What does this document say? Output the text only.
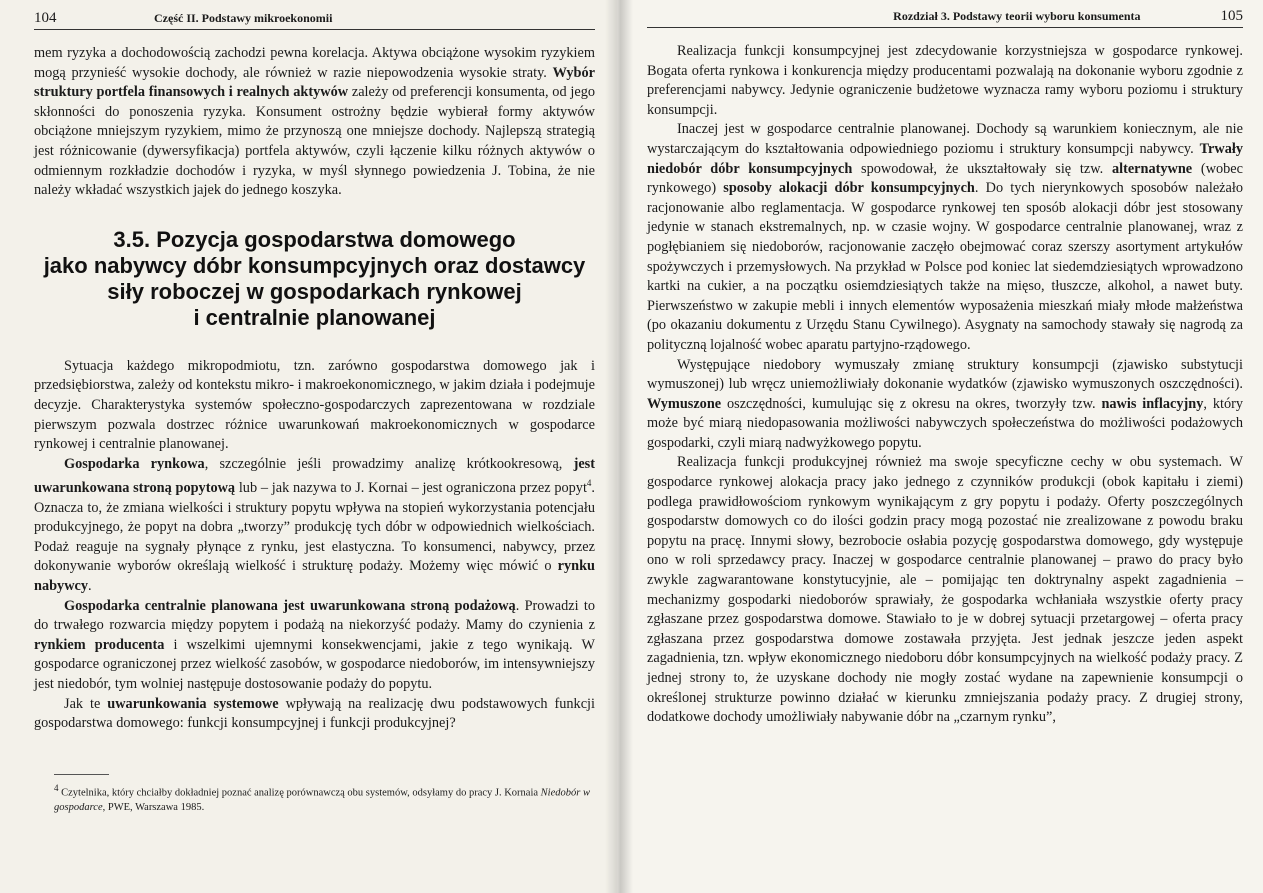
104	Część II. Podstawy mikroekonomii

mem ryzyka a dochodowością zachodzi pewna korelacja. Aktywa obciążone wysokim ryzykiem mogą przynieść wysokie dochody, ale również w razie niepowodzenia wysokie straty. Wybór struktury portfela finansowych i realnych aktywów zależy od preferencji konsumenta, od jego skłonności do ponoszenia ryzyka. Konsument ostrożny będzie wybierał formy aktywów obciążone mniejszym ryzykiem, mimo że przynoszą one mniejsze dochody. Najlepszą strategią jest różnicowanie (dywersyfikacja) portfela aktywów, czyli łączenie kilku różnych aktywów o odmiennym rozkładzie dochodów i ryzyka, w myśl słynnego powiedzenia J. Tobina, że nie należy wkładać wszystkich jajek do jednego koszyka.

3.5. Pozycja gospodarstwa domowego
jako nabywcy dóbr konsumpcyjnych oraz dostawcy
siły roboczej w gospodarkach rynkowej
i centralnie planowanej

Sytuacja każdego mikropodmiotu, tzn. zarówno gospodarstwa domowego jak i przedsiębiorstwa, zależy od kontekstu mikro- i makroekonomicznego, w jakim działa i podejmuje decyzje. Charakterystyka systemów społeczno-gospodarczych zaprezentowana w rozdziale pierwszym pozwala dostrzec różnice uwarunkowań makroekonomicznych w gospodarce rynkowej i centralnie planowanej.

Gospodarka rynkowa, szczególnie jeśli prowadzimy analizę krótkookresową, jest uwarunkowana stroną popytową lub – jak nazywa to J. Kornai – jest ograniczona przez popyt$^4$. Oznacza to, że zmiana wielkości i struktury popytu wpływa na stopień wykorzystania potencjału produkcyjnego, że popyt na dobra „tworzy” produkcję tych dóbr w odpowiednich wielkościach. Podaż reaguje na sygnały płynące z rynku, jest elastyczna. To konsumenci, nabywcy, przez dokonywanie wyborów określają wielkość i strukturę podaży. Możemy więc mówić o rynku nabywcy.

Gospodarka centralnie planowana jest uwarunkowana stroną podażową. Prowadzi to do trwałego rozwarcia między popytem i podażą na niekorzyść podaży. Mamy do czynienia z rynkiem producenta i wszelkimi ujemnymi konsekwencjami, jakie z tego wynikają. W gospodarce ograniczonej przez wielkość zasobów, w gospodarce niedoborów, im intensywniejszy jest niedobór, tym wolniej następuje dostosowanie podaży do popytu.

Jak te uwarunkowania systemowe wpływają na realizację dwu podstawowych funkcji gospodarstwa domowego: funkcji konsumpcyjnej i funkcji produkcyjnej?

$^4$ Czytelnika, który chciałby dokładniej poznać analizę porównawczą obu systemów, odsyłamy do pracy J. Kornaia Niedobór w gospodarce, PWE, Warszawa 1985.

Rozdział 3. Podstawy teorii wyboru konsumenta	105

Realizacja funkcji konsumpcyjnej jest zdecydowanie korzystniejsza w gospodarce rynkowej. Bogata oferta rynkowa i konkurencja między producentami pozwalają na dokonanie wyboru zgodnie z preferencjami nabywcy. Jedynie ograniczenie budżetowe wyznacza ramy wyboru poziomu i struktury konsumpcji.

Inaczej jest w gospodarce centralnie planowanej. Dochody są warunkiem koniecznym, ale nie wystarczającym do kształtowania odpowiedniego poziomu i struktury konsumpcji nabywcy. Trwały niedobór dóbr konsumpcyjnych spowodował, że ukształtowały się tzw. alternatywne (wobec rynkowego) sposoby alokacji dóbr konsumpcyjnych. Do tych nierynkowych sposobów należało racjonowanie albo reglamentacja. W gospodarce rynkowej ten sposób alokacji dóbr jest stosowany jedynie w stanach ekstremalnych, np. w czasie wojny. W gospodarce centralnie planowanej, wraz z pogłębianiem się niedoborów, racjonowanie zaczęło obejmować coraz szerszy asortyment artykułów spożywczych i przemysłowych. Na przykład w Polsce pod koniec lat siedemdziesiątych wprowadzono kartki na cukier, a na początku osiemdziesiątych także na mięso, tłuszcze, alkohol, a nawet buty. Pierwszeństwo w zakupie mebli i innych elementów wyposażenia mieszkań miały młode małżeństwa (po okazaniu dokumentu z Urzędu Stanu Cywilnego). Asygnaty na samochody stawały się nagrodą za polityczną lojalność wobec aparatu partyjno-rządowego.

Występujące niedobory wymuszały zmianę struktury konsumpcji (zjawisko substytucji wymuszonej) lub wręcz uniemożliwiały dokonanie wydatków (zjawisko wymuszonych oszczędności). Wymuszone oszczędności, kumulując się z okresu na okres, tworzyły tzw. nawis inflacyjny, który może być miarą niedopasowania możliwości nabywczych społeczeństwa do możliwości podażowych gospodarki, czyli miarą nadwyżkowego popytu.

Realizacja funkcji produkcyjnej również ma swoje specyficzne cechy w obu systemach. W gospodarce rynkowej alokacja pracy jako jednego z czynników produkcji (obok kapitału i ziemi) podlega prawidłowościom rynkowym wynikającym z gry popytu i podaży. Oferty poszczególnych gospodarstw domowych co do ilości godzin pracy mogą pozostać nie zrealizowane z powodu braku popytu na pracę. Innymi słowy, bezrobocie osłabia pozycję gospodarstwa domowego, gdy występuje ono w roli sprzedawcy pracy. Inaczej w gospodarce centralnie planowanej – prawo do pracy było zwykle zagwarantowane konstytucyjnie, ale – pomijając ten doktrynalny aspekt zagadnienia – mechanizmy gospodarki niedoborów sprawiały, że gospodarka wchłaniała wszystkie oferty pracy zgłaszane przez gospodarstwa domowe. Stawiało to je w dobrej sytuacji przetargowej – oferta pracy zgłaszana przez gospodarstwa domowe zostawała przyjęta. Jest jednak jeszcze jeden aspekt zagadnienia, tzn. wpływ ekonomicznego niedoboru dóbr konsumpcyjnych na wielkość podaży pracy. Z jednej strony to, że uzyskane dochody nie mogły zostać wydane na zapewnienie konsumpcji o określonej strukturze powinno działać w kierunku zmniejszania podaży pracy. Z drugiej strony, dodatkowe dochody umożliwiały nabywanie dóbr na „czarnym rynku”,
